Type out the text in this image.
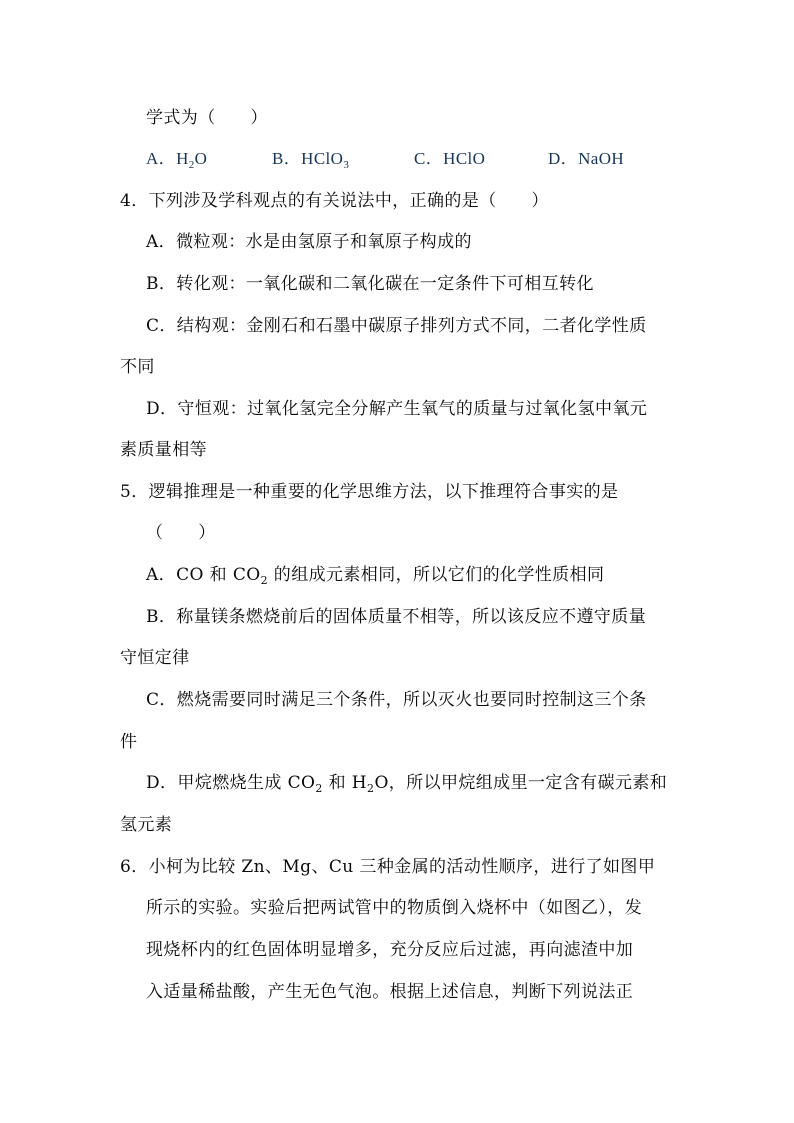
学式为（　　）
A．$H_2O$	B．HClO$_3$	C．HClO	D．NaOH
4．下列涉及学科观点的有关说法中，正确的是（　　）
A．微粒观：水是由氢原子和氧原子构成的
B．转化观：一氧化碳和二氧化碳在一定条件下可相互转化
C．结构观：金刚石和石墨中碳原子排列方式不同，二者化学性质
不同
D．守恒观：过氧化氢完全分解产生氧气的质量与过氧化氢中氧元
素质量相等
5．逻辑推理是一种重要的化学思维方法，以下推理符合事实的是
（　　）
A．CO 和 $CO_2$ 的组成元素相同，所以它们的化学性质相同
B．称量镁条燃烧前后的固体质量不相等，所以该反应不遵守质量
守恒定律
C．燃烧需要同时满足三个条件，所以灭火也要同时控制这三个条
件
D．甲烷燃烧生成 $CO_2$ 和 $H_2O$，所以甲烷组成里一定含有碳元素和
氢元素
6．小柯为比较 Zn、Mg、Cu 三种金属的活动性顺序，进行了如图甲
所示的实验。实验后把两试管中的物质倒入烧杯中（如图乙），发
现烧杯内的红色固体明显增多，充分反应后过滤，再向滤渣中加
入适量稀盐酸，产生无色气泡。根据上述信息，判断下列说法正
